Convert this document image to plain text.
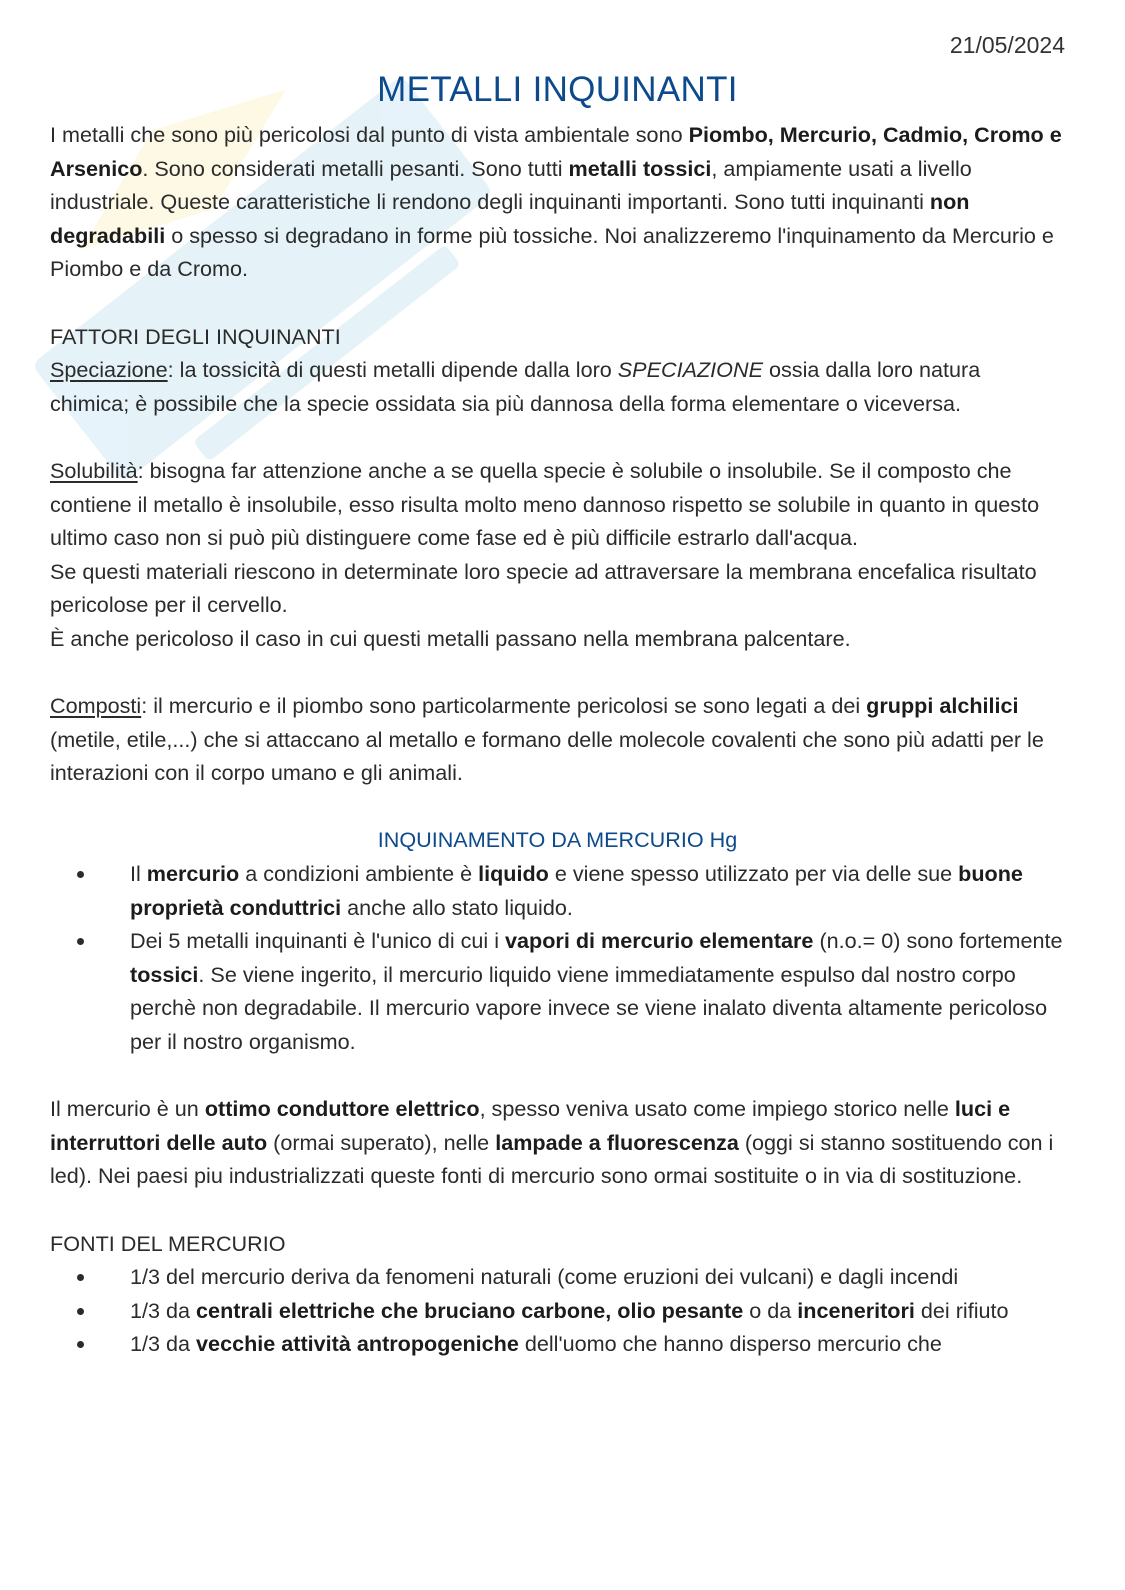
21/05/2024
METALLI INQUINANTI

I metalli che sono più pericolosi dal punto di vista ambientale sono Piombo, Mercurio, Cadmio, Cromo e Arsenico. Sono considerati metalli pesanti. Sono tutti metalli tossici, ampiamente usati a livello industriale. Queste caratteristiche li rendono degli inquinanti importanti. Sono tutti inquinanti non degradabili o spesso si degradano in forme più tossiche. Noi analizzeremo l'inquinamento da Mercurio e Piombo e da Cromo.

FATTORI DEGLI INQUINANTI

Speciazione: la tossicità di questi metalli dipende dalla loro SPECIAZIONE ossia dalla loro natura chimica; è possibile che la specie ossidata sia più dannosa della forma elementare o viceversa.

Solubilità: bisogna far attenzione anche a se quella specie è solubile o insolubile. Se il composto che contiene il metallo è insolubile, esso risulta molto meno dannoso rispetto se solubile in quanto in questo ultimo caso non si può più distinguere come fase ed è più difficile estrarlo dall'acqua.

Se questi materiali riescono in determinate loro specie ad attraversare la membrana encefalica risultato pericolose per il cervello.

È anche pericoloso il caso in cui questi metalli passano nella membrana palcentare.

Composti: il mercurio e il piombo sono particolarmente pericolosi se sono legati a dei gruppi alchilici (metile, etile,...) che si attaccano al metallo e formano delle molecole covalenti che sono più adatti per le interazioni con il corpo umano e gli animali.

INQUINAMENTO DA MERCURIO Hg
Il mercurio a condizioni ambiente è liquido e viene spesso utilizzato per via delle sue buone proprietà conduttrici anche allo stato liquido.
Dei 5 metalli inquinanti è l'unico di cui i vapori di mercurio elementare (n.o.= 0) sono fortemente tossici. Se viene ingerito, il mercurio liquido viene immediatamente espulso dal nostro corpo perchè non degradabile. Il mercurio vapore invece se viene inalato diventa altamente pericoloso per il nostro organismo.

Il mercurio è un ottimo conduttore elettrico, spesso veniva usato come impiego storico nelle luci e interruttori delle auto (ormai superato), nelle lampade a fluorescenza (oggi si stanno sostituendo con i led). Nei paesi piu industrializzati queste fonti di mercurio sono ormai sostituite o in via di sostituzione.

FONTI DEL MERCURIO
1/3 del mercurio deriva da fenomeni naturali (come eruzioni dei vulcani) e dagli incendi
1/3 da centrali elettriche che bruciano carbone, olio pesante o da inceneritori dei rifiuto
1/3 da vecchie attività antropogeniche dell'uomo che hanno disperso mercurio che
